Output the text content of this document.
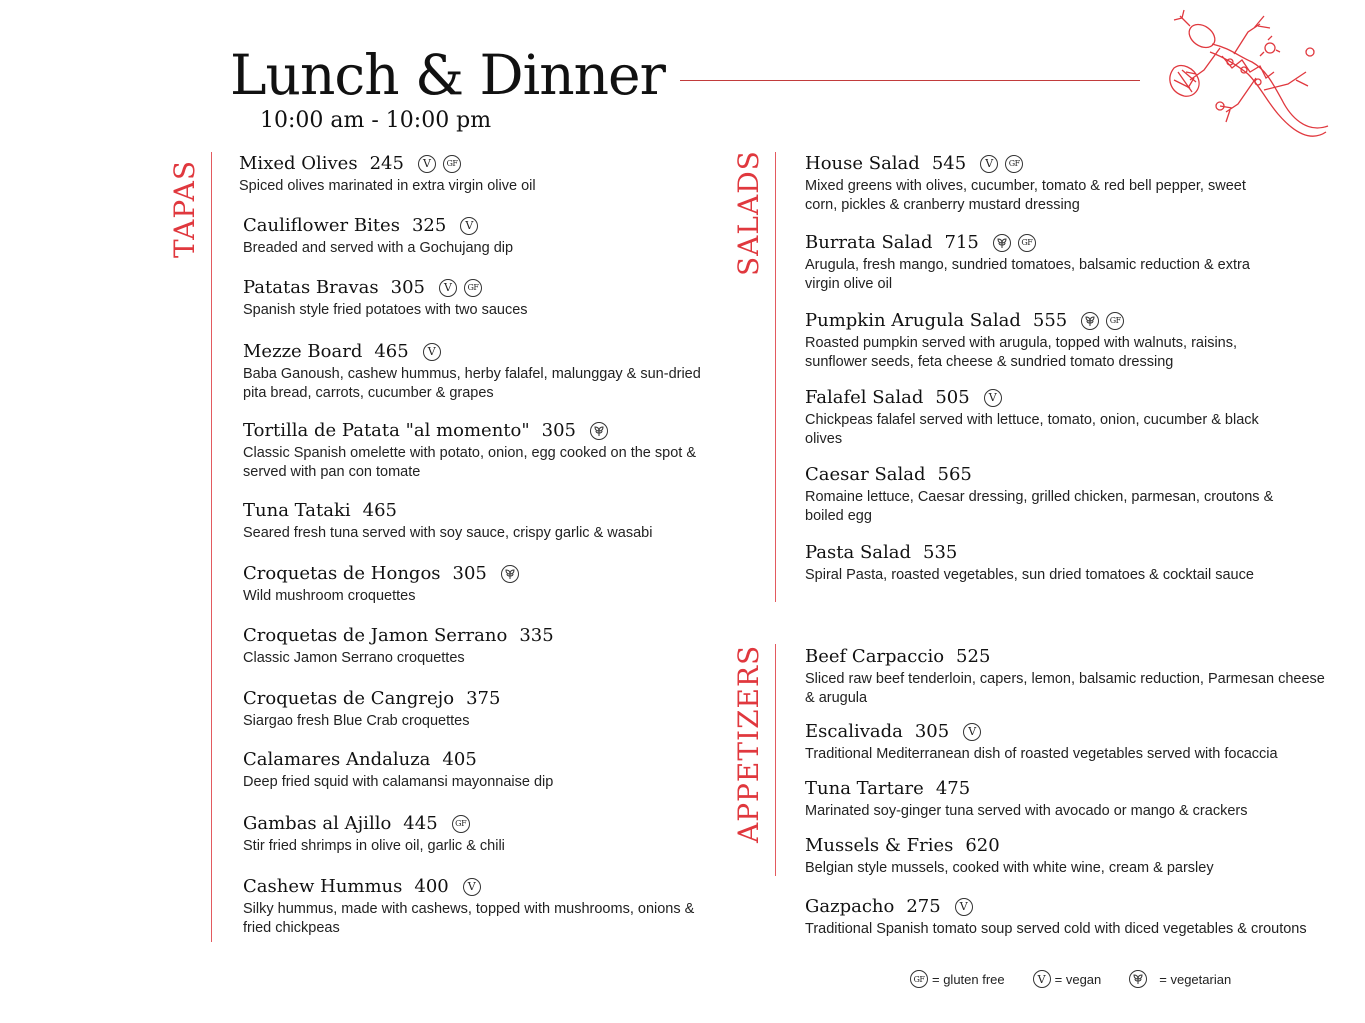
Lunch & Dinner
10:00 am - 10:00 pm
TAPAS Mixed Olives 245	V	GF
Spiced olives marinated in extra virgin olive oil
Cauliflower Bites 325	V
Breaded and served with a Gochujang dip
Patatas Bravas 305	V	GF
Spanish style fried potatoes with two sauces
Mezze Board 465	V
Baba Ganoush, cashew hummus, herby falafel, malunggay & sun-dried pita bread, carrots, cucumber & grapes
Tortilla de Patata "al momento" 305
Classic Spanish omelette with potato, onion, egg cooked on the spot & served with pan con tomate
Tuna Tataki 465
Seared fresh tuna served with soy sauce, crispy garlic & wasabi
Croquetas de Hongos 305
Wild mushroom croquettes
Croquetas de Jamon Serrano 335
Classic Jamon Serrano croquettes
Croquetas de Cangrejo 375
Siargao fresh Blue Crab croquettes
Calamares Andaluza 405
Deep fried squid with calamansi mayonnaise dip
Gambas al Ajillo 445	GF
Stir fried shrimps in olive oil, garlic & chili
Cashew Hummus 400	V
Silky hummus, made with cashews, topped with mushrooms, onions & fried chickpeas
SALADS House Salad 545	V	GF
Mixed greens with olives, cucumber, tomato & red bell pepper, sweet corn, pickles & cranberry mustard dressing
Burrata Salad 715	GF
Arugula, fresh mango, sundried tomatoes, balsamic reduction & extra virgin olive oil
Pumpkin Arugula Salad 555	GF
Roasted pumpkin served with arugula, topped with walnuts, raisins, sunflower seeds, feta cheese & sundried tomato dressing
Falafel Salad 505	V
Chickpeas falafel served with lettuce, tomato, onion, cucumber & black olives
Caesar Salad 565
Romaine lettuce, Caesar dressing, grilled chicken, parmesan, croutons & boiled egg
Pasta Salad 535
Spiral Pasta, roasted vegetables, sun dried tomatoes & cocktail sauce
APPETIZERS Beef Carpaccio 525
Sliced raw beef tenderloin, capers, lemon, balsamic reduction, Parmesan cheese & arugula
Escalivada 305	V
Traditional Mediterranean dish of roasted vegetables served with focaccia
Tuna Tartare 475
Marinated soy-ginger tuna served with avocado or mango & crackers
Mussels & Fries 620
Belgian style mussels, cooked with white wine, cream & parsley
Gazpacho 275	V
Traditional Spanish tomato soup served cold with diced vegetables & croutons
GF = gluten free	V = vegan	= vegetarian
